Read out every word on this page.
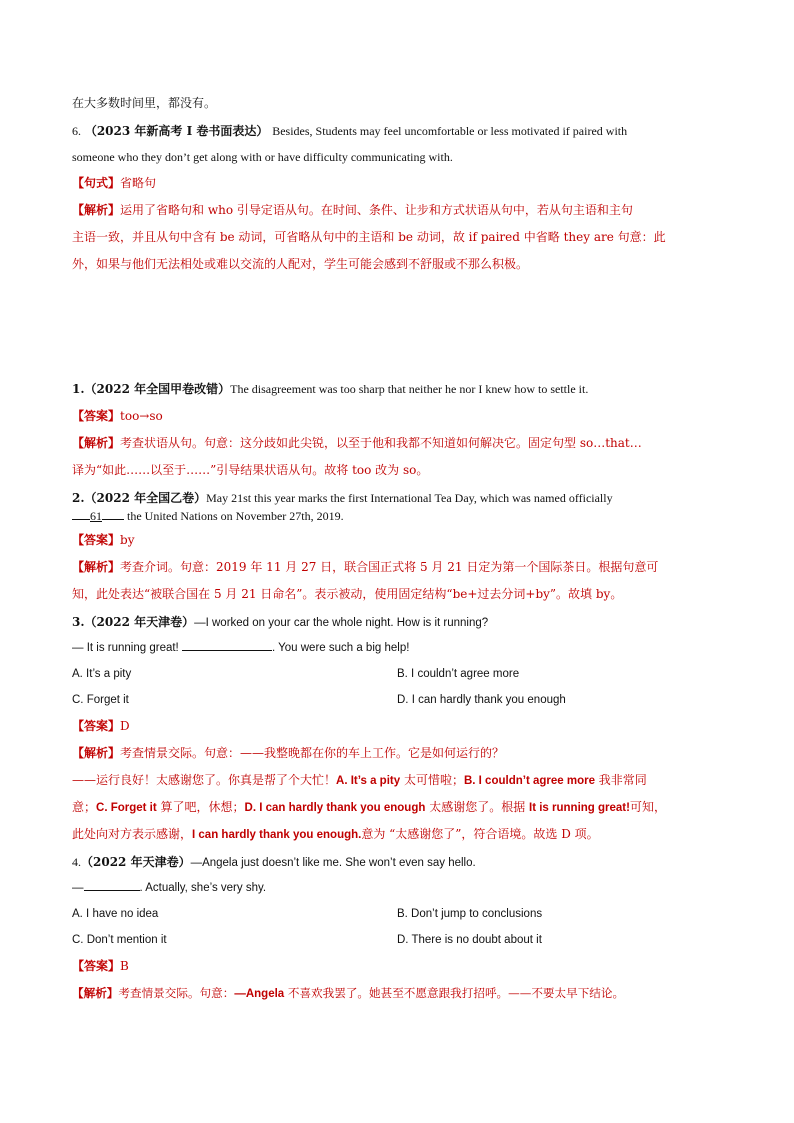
在大多数时间里，都没有。
6. （2023 年新高考 I 卷书面表达） Besides, Students may feel uncomfortable or less motivated if paired with
someone who they don’t get along with or have difficulty communicating with.
【句式】省略句
【解析】运用了省略句和 who 引导定语从句。在时间、条件、让步和方式状语从句中，若从句主语和主句
主语一致，并且从句中含有 be 动词，可省略从句中的主语和 be 动词，故 if paired 中省略 they are 句意：此
外，如果与他们无法相处或难以交流的人配对，学生可能会感到不舒服或不那么积极。
1.（2022 年全国甲卷改错）The disagreement was too sharp that neither he nor I knew how to settle it.
【答案】too→so
【解析】考查状语从句。句意：这分歧如此尖锐，以至于他和我都不知道如何解决它。固定句型 so…that…
译为“如此……以至于……”引导结果状语从句。故将 too 改为 so。
2.（2022 年全国乙卷）May 21st this year marks the first International Tea Day, which was named officially
61 the United Nations on November 27th, 2019.
【答案】by
【解析】考查介词。句意：2019 年 11 月 27 日，联合国正式将 5 月 21 日定为第一个国际茶日。根据句意可
知，此处表达“被联合国在 5 月 21 日命名”。表示被动，使用固定结构“be+过去分词+by”。故填 by。
3.（2022 年天津卷）—I worked on your car the whole night. How is it running?
— It is running great!	. You were such a big help!
A. It’s a pity	B. I couldn’t agree more
C. Forget it	D. I can hardly thank you enough
【答案】D
【解析】考查情景交际。句意：——我整晚都在你的车上工作。它是如何运行的？
——运行良好！太感谢您了。你真是帮了个大忙！A. It’s a pity 太可惜啦；B. I couldn’t agree more 我非常同
意；C. Forget it 算了吧，休想；D. I can hardly thank you enough 太感谢您了。根据 It is running great!可知，
此处向对方表示感谢，I can hardly thank you enough.意为 “太感谢您了”，符合语境。故选 D 项。
4.（2022 年天津卷）—Angela just doesn’t like me. She won’t even say hello.
—	. Actually, she’s very shy.
A. I have no idea	B. Don’t jump to conclusions
C. Don’t mention it	D. There is no doubt about it
【答案】B
【解析】考查情景交际。句意：—Angela 不喜欢我罢了。她甚至不愿意跟我打招呼。——不要太早下结论。
